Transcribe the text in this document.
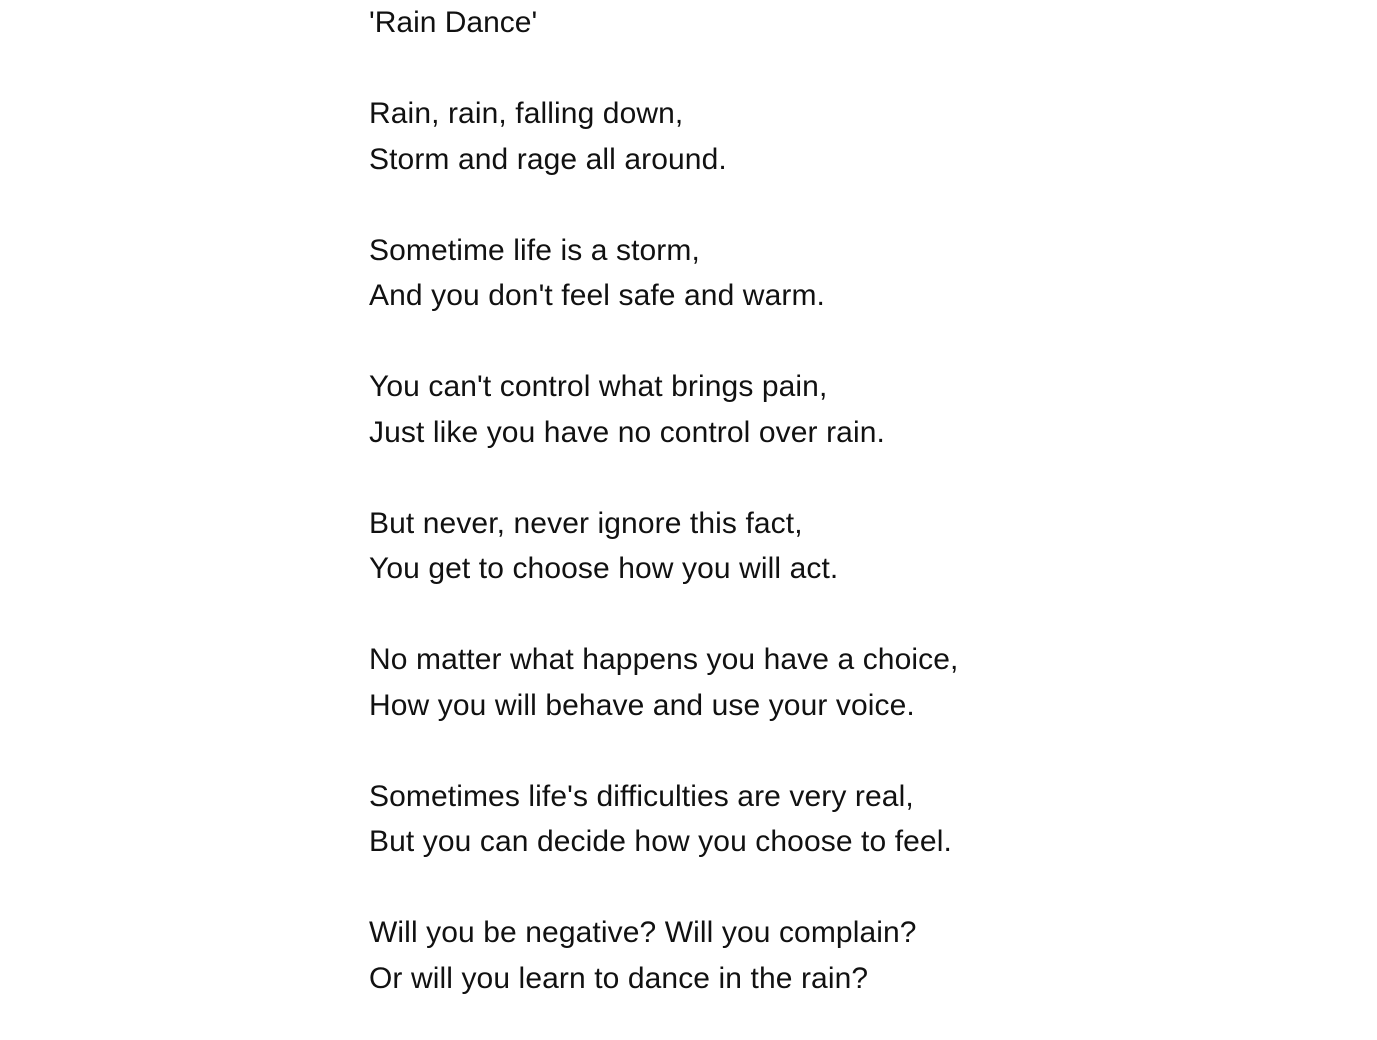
'Rain Dance'
Rain, rain, falling down,
Storm and rage all around.
Sometime life is a storm,
And you don't feel safe and warm.
You can't control what brings pain,
Just like you have no control over rain.
But never, never ignore this fact,
You get to choose how you will act.
No matter what happens you have a choice,
How you will behave and use your voice.
Sometimes life's difficulties are very real,
But you can decide how you choose to feel.
Will you be negative? Will you complain?
Or will you learn to dance in the rain?
